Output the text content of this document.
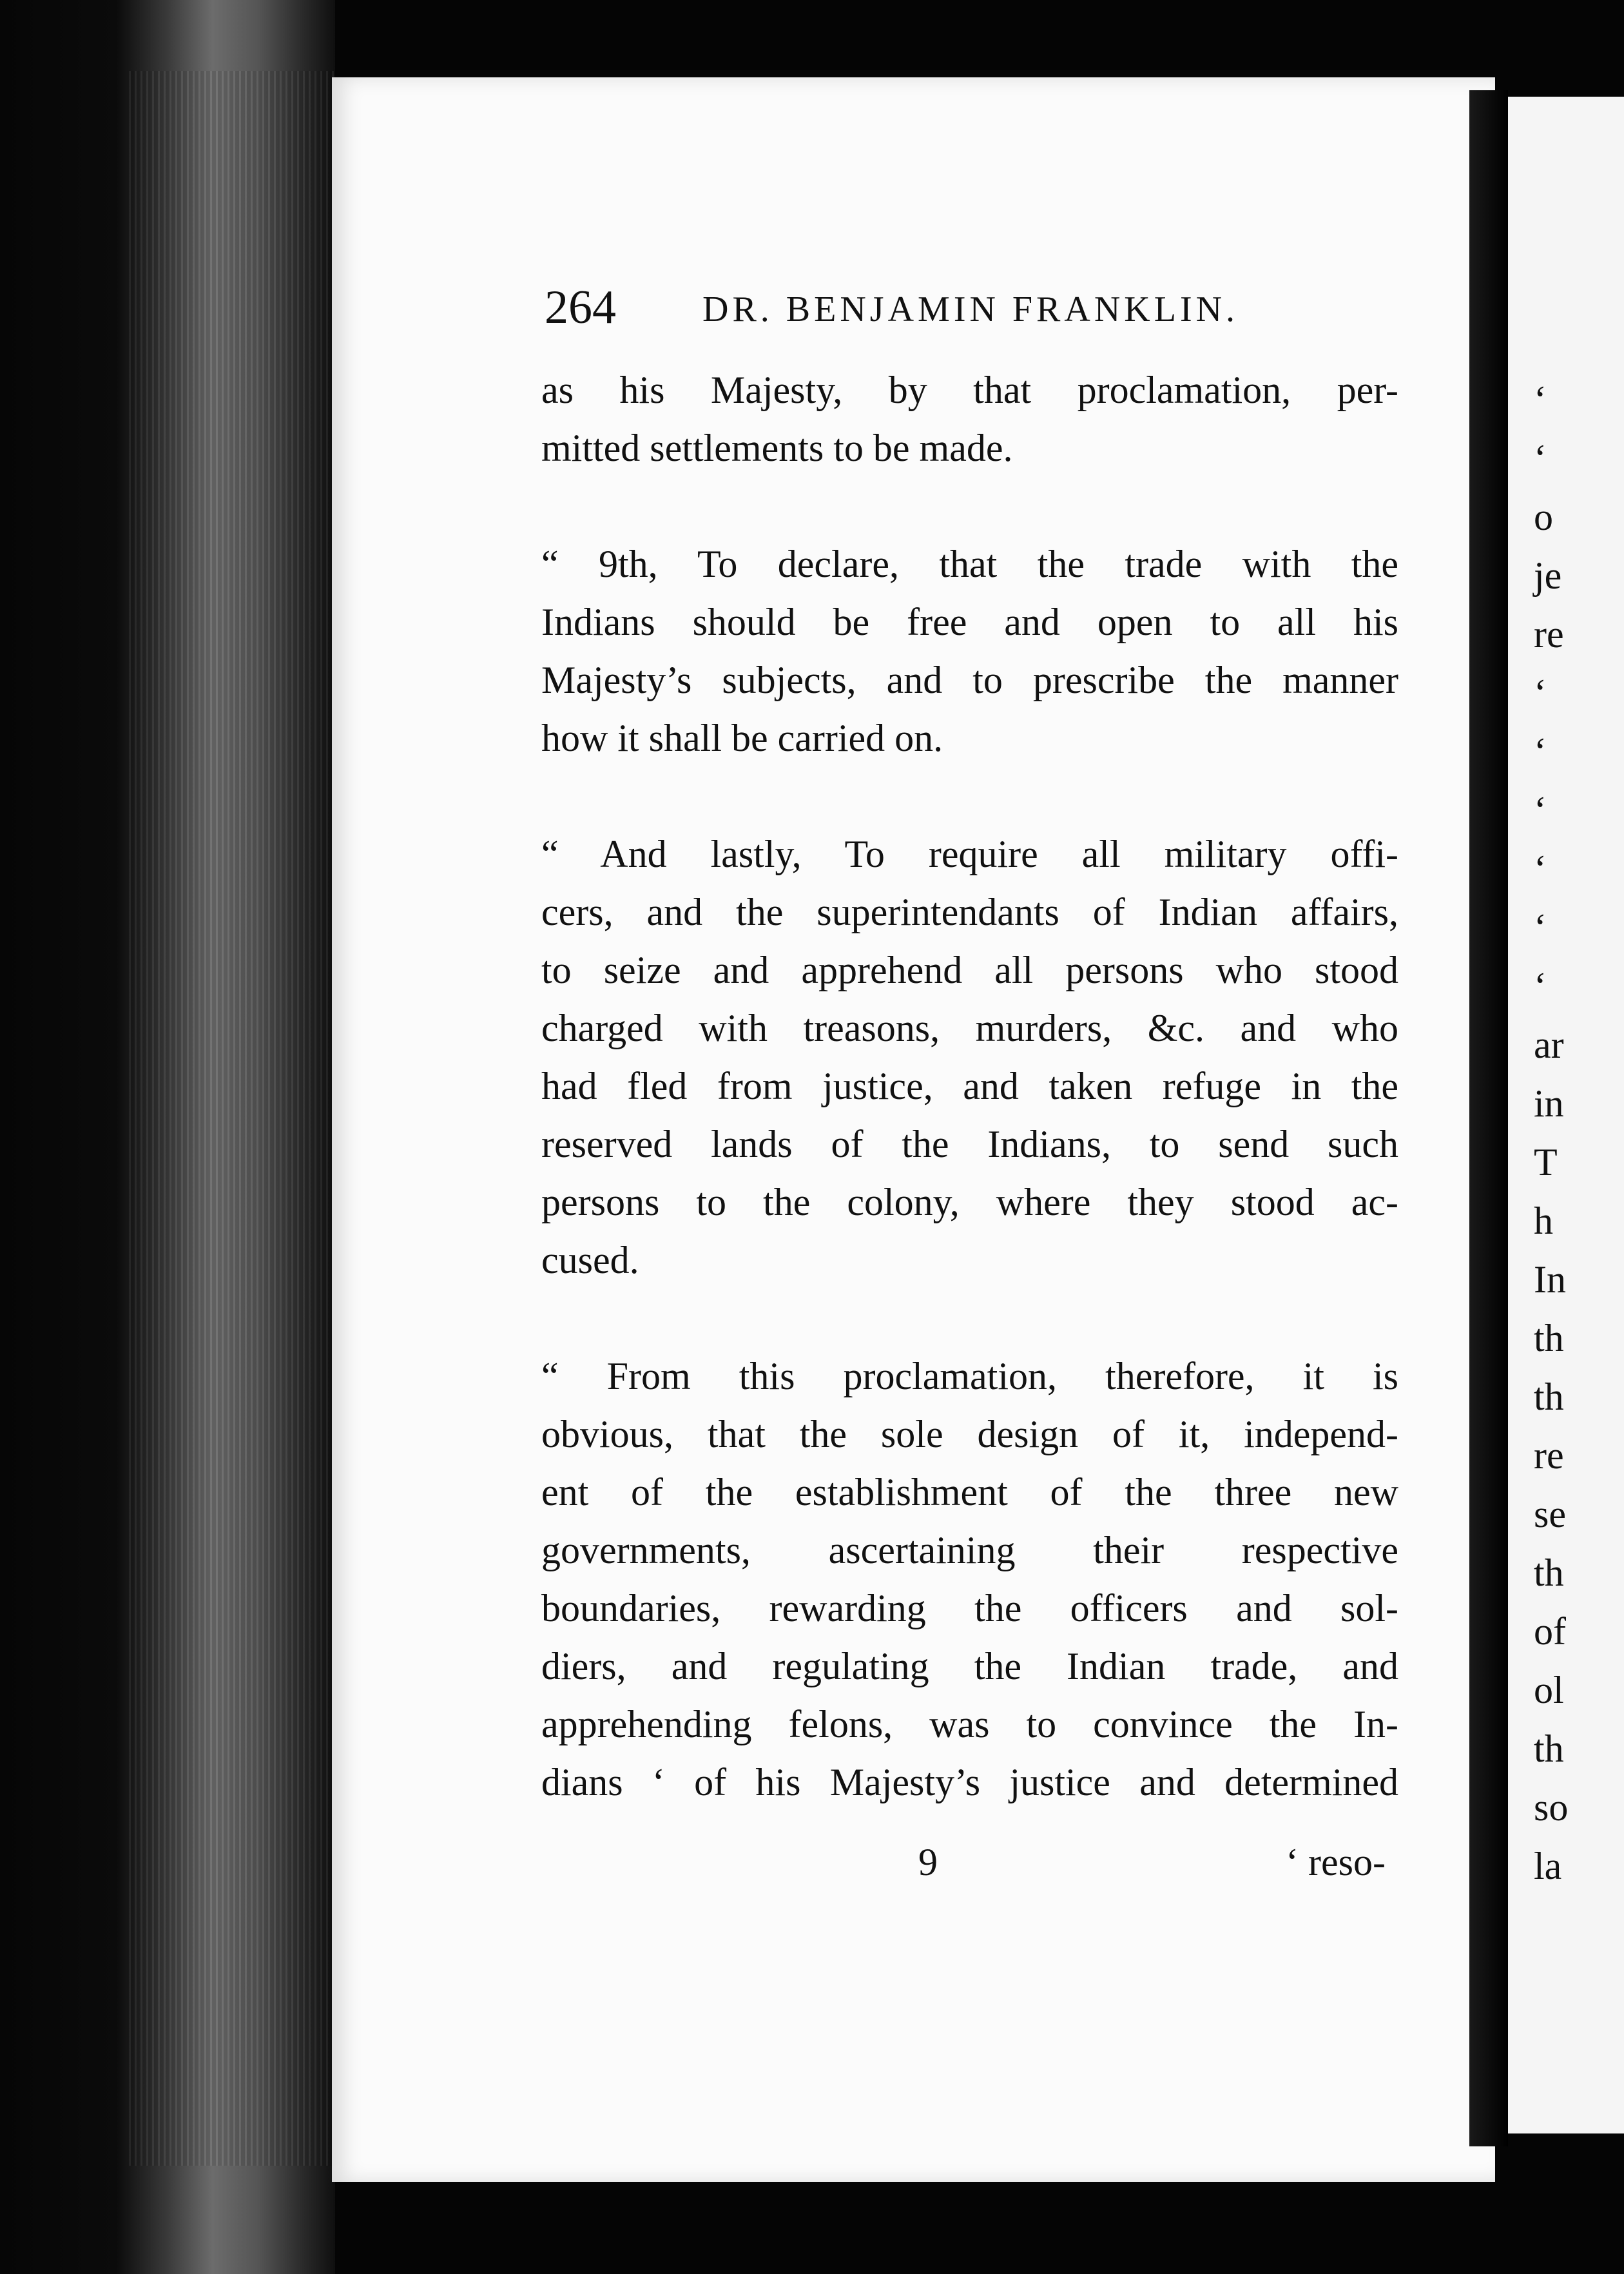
‘
‘
o
je
re
‘
‘
‘
‘
‘
‘
ar
in
T
h
In
th
th
re
se
th
of
ol
th
so
la
264 DR. BENJAMIN FRANKLIN.
as his Majesty, by that proclamation, per-
mitted settlements to be made.
“ 9th, To declare, that the trade with the
Indians should be free and open to all his
Majesty’s subjects, and to prescribe the manner
how it shall be carried on.
“ And lastly, To require all military offi-
cers, and the superintendants of Indian affairs,
to seize and apprehend all persons who stood
charged with treasons, murders, &c. and who
had fled from justice, and taken refuge in the
reserved lands of the Indians, to send such
persons to the colony, where they stood ac-
cused.
“ From this proclamation, therefore, it is
obvious, that the sole design of it, independ-
ent of the establishment of the three new
governments, ascertaining their respective
boundaries, rewarding the officers and sol-
diers, and regulating the Indian trade, and
apprehending felons, was to convince the In-
dians ‘ of his Majesty’s justice and determined
9	‘ reso-
